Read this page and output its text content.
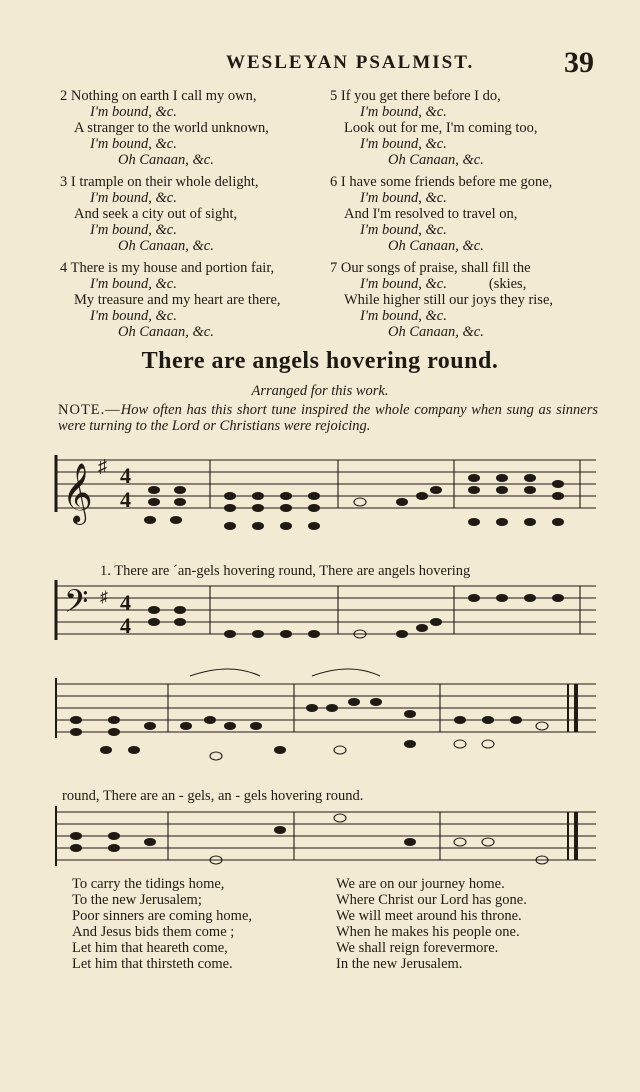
WESLEYAN PSALMIST.	39
2 Nothing on earth I call my own,
I'm bound, &c.
A stranger to the world unknown,
I'm bound, &c.
Oh Canaan, &c.
3 I trample on their whole delight,
I'm bound, &c.
And seek a city out of sight,
I'm bound, &c.
Oh Canaan, &c.
4 There is my house and portion fair,
I'm bound, &c.
My treasure and my heart are there,
I'm bound, &c.
Oh Canaan, &c.
5 If you get there before I do,
I'm bound, &c.
Look out for me, I'm coming too,
I'm bound, &c.
Oh Canaan, &c.
6 I have some friends before me gone,
I'm bound, &c.
And I'm resolved to travel on,
I'm bound, &c.
Oh Canaan, &c.
7 Our songs of praise, shall fill the
I'm bound, &c.	(skies,
While higher still our joys they rise,
I'm bound, &c.
Oh Canaan, &c.
There are angels hovering round.
Arranged for this work.
NOTE.—How often has this short tune inspired the whole company when sung as sinners were turning to the Lord or Christians were rejoicing.
𝄞 ♯ 4
4
𝄢 ♯ 4
4
1. There are ˊan-gels hovering round, There are angels hovering
round, There are an - gels, an - gels hovering round.
To carry the tidings home,
To the new Jerusalem;
Poor sinners are coming home,
And Jesus bids them come ;
Let him that heareth come,
Let him that thirsteth come.
We are on our journey home.
Where Christ our Lord has gone.
We will meet around his throne.
When he makes his people one.
We shall reign forevermore.
In the new Jerusalem.
